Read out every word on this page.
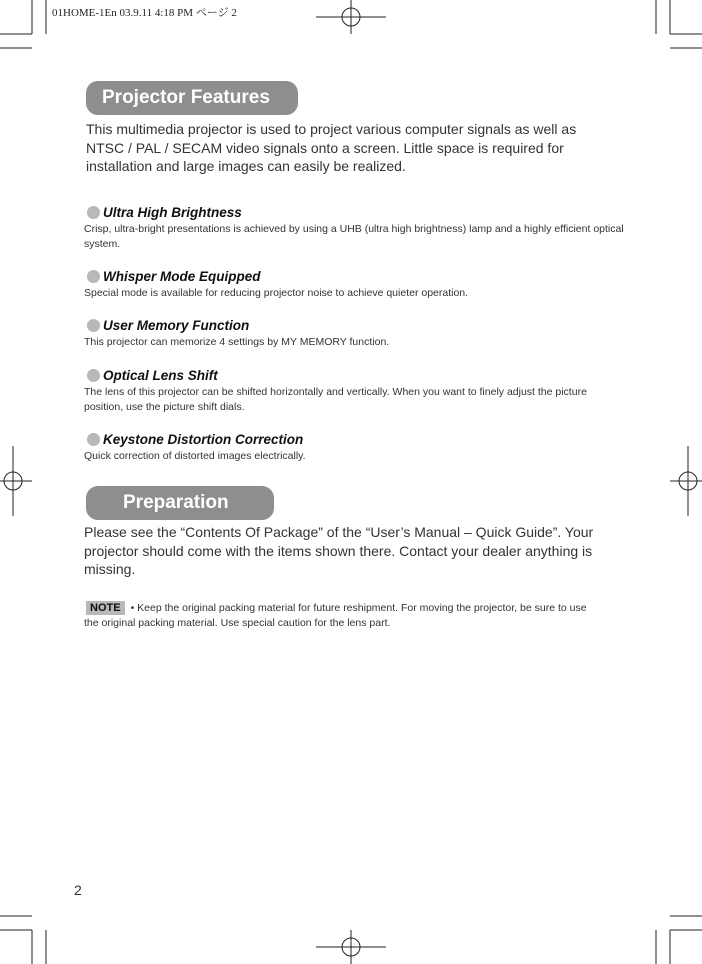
01HOME-1En 03.9.11 4:18 PM ページ 2
Projector Features
This multimedia projector is used to project various computer signals as well as NTSC / PAL / SECAM video signals onto a screen. Little space is required for installation and large images can easily be realized.
Ultra High Brightness
Crisp, ultra-bright presentations is achieved by using a UHB (ultra high brightness) lamp and a highly efficient optical system.
Whisper Mode Equipped
Special mode is available for reducing projector noise to achieve quieter operation.
User Memory Function
This projector can memorize 4 settings by MY MEMORY function.
Optical Lens Shift
The lens of this projector can be shifted horizontally and vertically. When you want to finely adjust the picture position, use the picture shift dials.
Keystone Distortion Correction
Quick correction of distorted images electrically.
Preparation
Please see the “Contents Of Package” of the “User’s Manual – Quick Guide”. Your projector should come with the items shown there. Contact your dealer anything is missing.
NOTE • Keep the original packing material for future reshipment. For moving the projector, be sure to use the original packing material. Use special caution for the lens part.
2
